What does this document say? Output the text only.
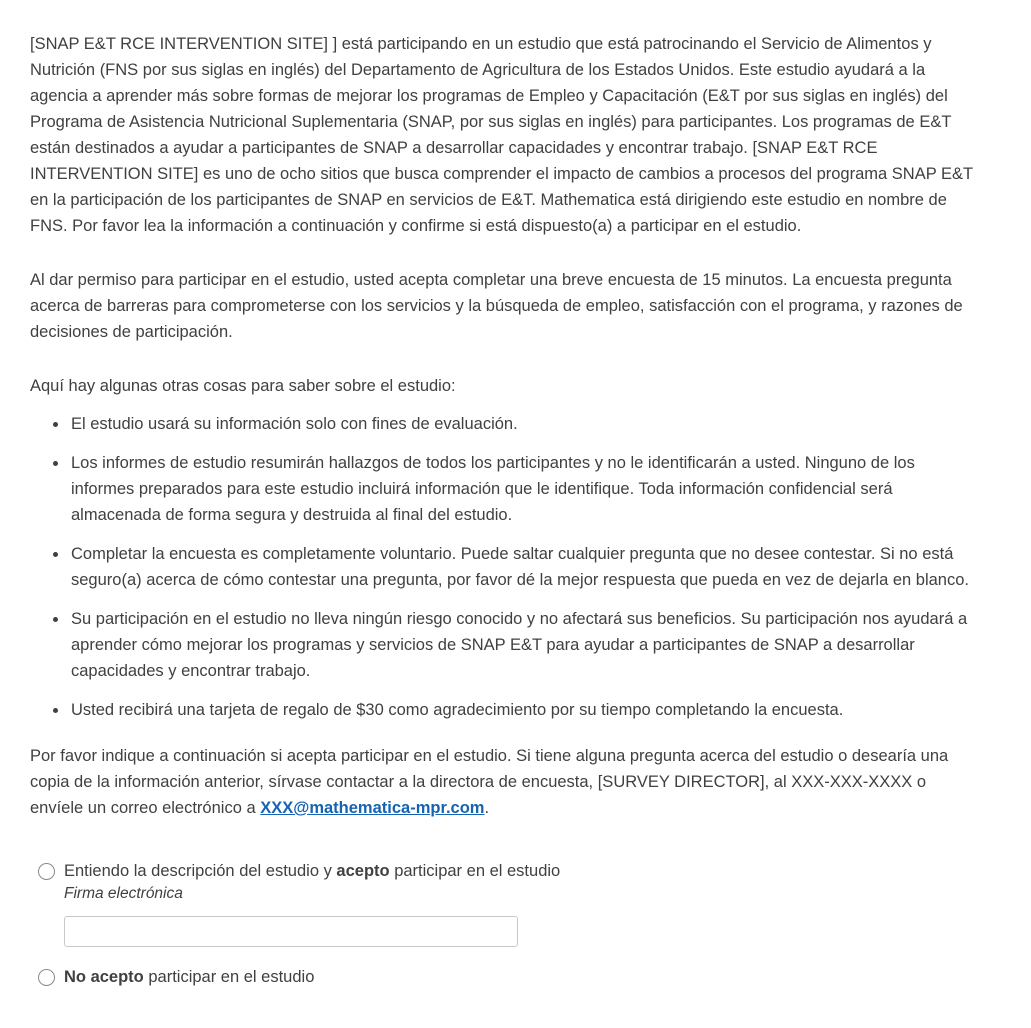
[SNAP E&T RCE INTERVENTION SITE] ] está participando en un estudio que está patrocinando el Servicio de Alimentos y Nutrición (FNS por sus siglas en inglés) del Departamento de Agricultura de los Estados Unidos. Este estudio ayudará a la agencia a aprender más sobre formas de mejorar los programas de Empleo y Capacitación (E&T por sus siglas en inglés) del Programa de Asistencia Nutricional Suplementaria (SNAP, por sus siglas en inglés) para participantes. Los programas de E&T están destinados a ayudar a participantes de SNAP a desarrollar capacidades y encontrar trabajo. [SNAP E&T RCE INTERVENTION SITE] es uno de ocho sitios que busca comprender el impacto de cambios a procesos del programa SNAP E&T en la participación de los participantes de SNAP en servicios de E&T. Mathematica está dirigiendo este estudio en nombre de FNS. Por favor lea la información a continuación y confirme si está dispuesto(a) a participar en el estudio.

Al dar permiso para participar en el estudio, usted acepta completar una breve encuesta de 15 minutos. La encuesta pregunta acerca de barreras para comprometerse con los servicios y la búsqueda de empleo, satisfacción con el programa, y razones de decisiones de participación.

Aquí hay algunas otras cosas para saber sobre el estudio:

• El estudio usará su información solo con fines de evaluación.
• Los informes de estudio resumirán hallazgos de todos los participantes y no le identificarán a usted. Ninguno de los informes preparados para este estudio incluirá información que le identifique. Toda información confidencial será almacenada de forma segura y destruida al final del estudio.
• Completar la encuesta es completamente voluntario. Puede saltar cualquier pregunta que no desee contestar. Si no está seguro(a) acerca de cómo contestar una pregunta, por favor dé la mejor respuesta que pueda en vez de dejarla en blanco.
• Su participación en el estudio no lleva ningún riesgo conocido y no afectará sus beneficios. Su participación nos ayudará a aprender cómo mejorar los programas y servicios de SNAP E&T para ayudar a participantes de SNAP a desarrollar capacidades y encontrar trabajo.
• Usted recibirá una tarjeta de regalo de $30 como agradecimiento por su tiempo completando la encuesta.

Por favor indique a continuación si acepta participar en el estudio. Si tiene alguna pregunta acerca del estudio o desearía una copia de la información anterior, sírvase contactar a la directora de encuesta, [SURVEY DIRECTOR], al XXX-XXX-XXXX o envíele un correo electrónico a XXX@mathematica-mpr.com.

Entiendo la descripción del estudio y acepto participar en el estudio
Firma electrónica
No acepto participar en el estudio
